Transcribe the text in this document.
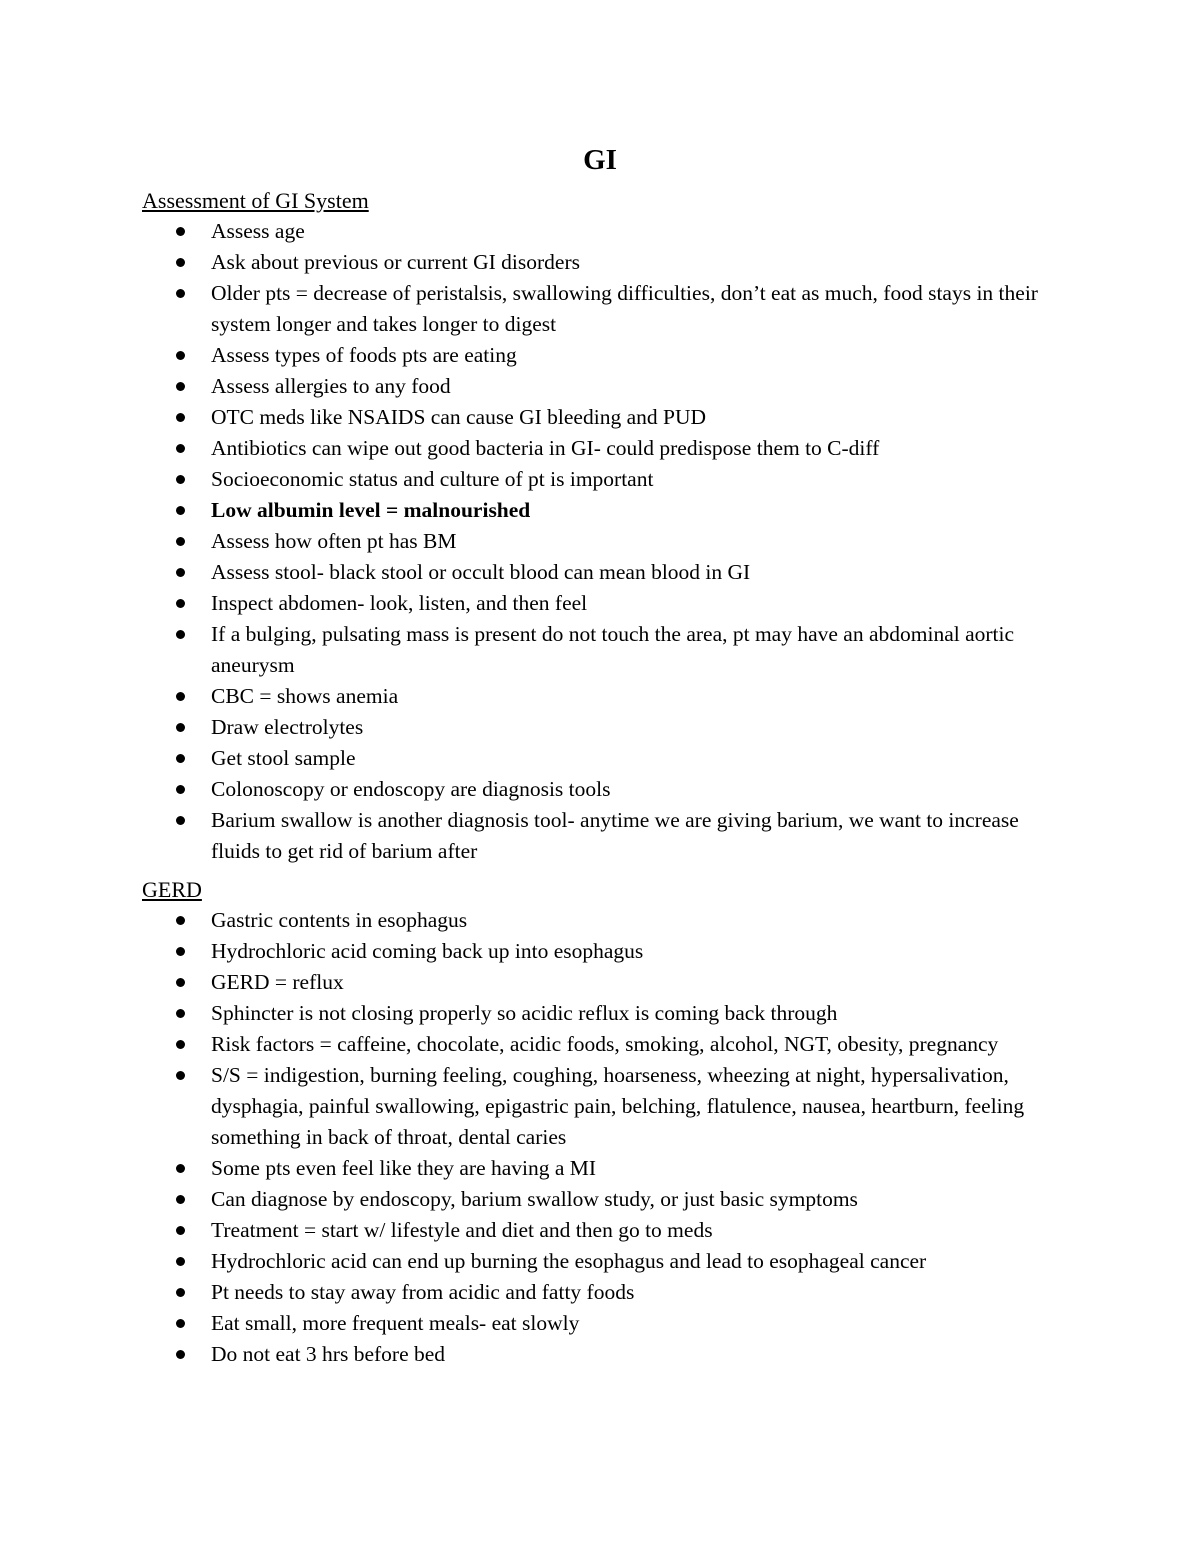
GI
Assessment of GI System
Assess age
Ask about previous or current GI disorders
Older pts = decrease of peristalsis, swallowing difficulties, don’t eat as much, food stays in their system longer and takes longer to digest
Assess types of foods pts are eating
Assess allergies to any food
OTC meds like NSAIDS can cause GI bleeding and PUD
Antibiotics can wipe out good bacteria in GI- could predispose them to C-diff
Socioeconomic status and culture of pt is important
Low albumin level = malnourished
Assess how often pt has BM
Assess stool- black stool or occult blood can mean blood in GI
Inspect abdomen- look, listen, and then feel
If a bulging, pulsating mass is present do not touch the area, pt may have an abdominal aortic aneurysm
CBC = shows anemia
Draw electrolytes
Get stool sample
Colonoscopy or endoscopy are diagnosis tools
Barium swallow is another diagnosis tool- anytime we are giving barium, we want to increase fluids to get rid of barium after
GERD
Gastric contents in esophagus
Hydrochloric acid coming back up into esophagus
GERD = reflux
Sphincter is not closing properly so acidic reflux is coming back through
Risk factors = caffeine, chocolate, acidic foods, smoking, alcohol, NGT, obesity, pregnancy
S/S = indigestion, burning feeling, coughing, hoarseness, wheezing at night, hypersalivation, dysphagia, painful swallowing, epigastric pain, belching, flatulence, nausea, heartburn, feeling something in back of throat, dental caries
Some pts even feel like they are having a MI
Can diagnose by endoscopy, barium swallow study, or just basic symptoms
Treatment = start w/ lifestyle and diet and then go to meds
Hydrochloric acid can end up burning the esophagus and lead to esophageal cancer
Pt needs to stay away from acidic and fatty foods
Eat small, more frequent meals- eat slowly
Do not eat 3 hrs before bed
